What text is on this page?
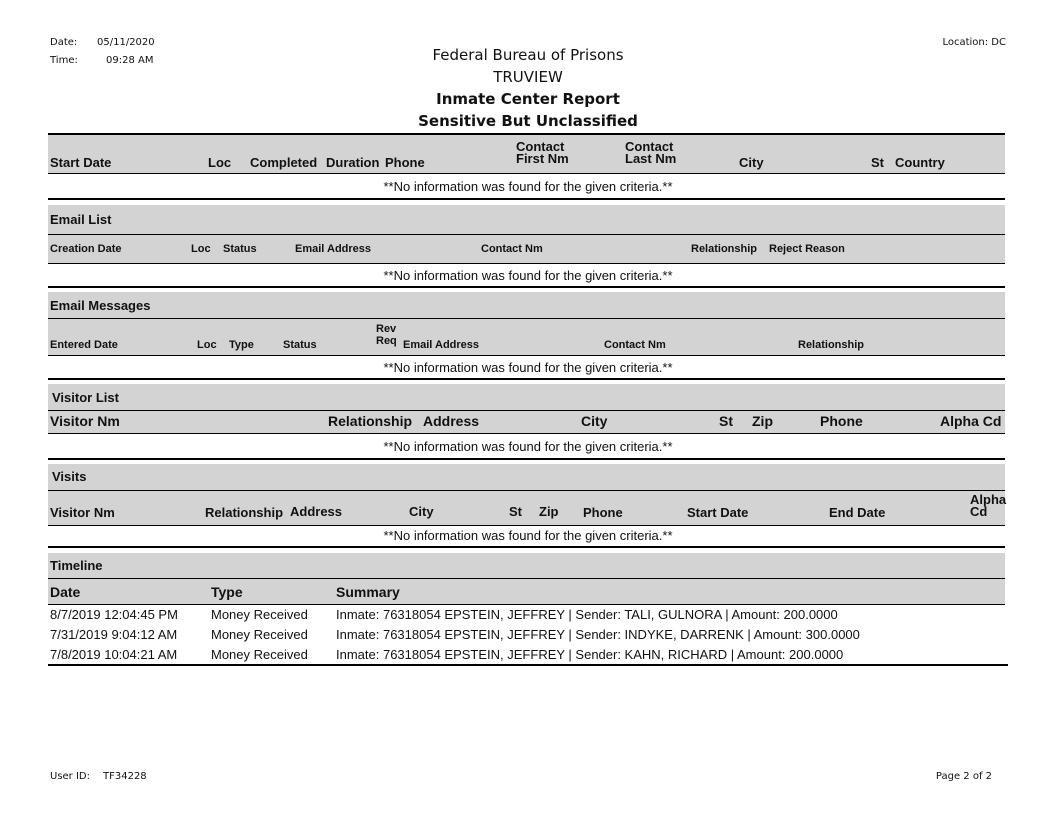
Date: 05/11/2020
Time:	09:28 AM
Location: DC
Federal Bureau of Prisons
TRUVIEW
Inmate Center Report
Sensitive But Unclassified
Start Date	Loc Completed Duration Phone
Contact
First Nm
Contact
Last Nm	City	St Country
**No information was found for the given criteria.**
Email List
Creation Date	Loc Status	Email Address	Contact Nm	Relationship Reject Reason
**No information was found for the given criteria.**
Email Messages
Entered Date	Loc Type	Status
Rev
Req Email Address	Contact Nm	Relationship
**No information was found for the given criteria.**
Visitor List
Visitor Nm	Relationship Address	City	St Zip	Phone	Alpha Cd
**No information was found for the given criteria.**
Visits
Visitor Nm	Relationship Address	City	St Zip Phone	Start Date	End Date
Alpha
Cd
**No information was found for the given criteria.**
Timeline
Date	Type	Summary
8/7/2019 12:04:45 PM	Money Received Inmate: 76318054 EPSTEIN, JEFFREY | Sender: TALI, GULNORA | Amount: 200.0000
7/31/2019 9:04:12 AM	Money Received Inmate: 76318054 EPSTEIN, JEFFREY | Sender: INDYKE, DARRENK | Amount: 300.0000
7/8/2019 10:04:21 AM	Money Received Inmate: 76318054 EPSTEIN, JEFFREY | Sender: KAHN, RICHARD | Amount: 200.0000
User ID: TF34228	Page 2 of 2
